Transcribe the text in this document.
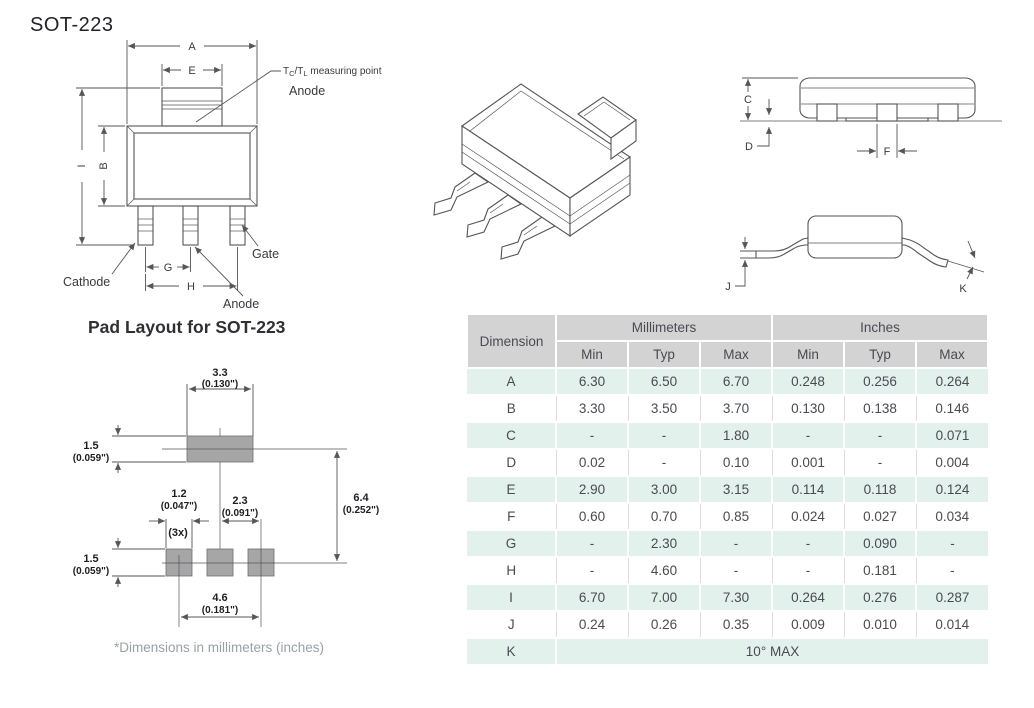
SOT-223
Pad Layout for SOT-223
*Dimensions in millimeters (inches)
A
E
I B
G
H
$T_C/T_L$ measuring point
Anode
Cathode
Gate
Anode
C
D	F
J	K
3.3
(0.130")
1.5
(0.059")
1.2
(0.047")
(3x)
2.3
(0.091")
6.4
(0.252")
1.5
(0.059")
4.6
(0.181")
Dimension	Millimeters			Inches		
	Min	Typ	Max	Min	Typ	Max
A	6.30	6.50	6.70	0.248	0.256	0.264
B	3.30	3.50	3.70	0.130	0.138	0.146
C	-	-	1.80	-	-	0.071
D	0.02	-	0.10	0.001	-	0.004
E	2.90	3.00	3.15	0.114	0.118	0.124
F	0.60	0.70	0.85	0.024	0.027	0.034
G	-	2.30	-	-	0.090	-
H	-	4.60	-	-	0.181	-
I	6.70	7.00	7.30	0.264	0.276	0.287
J	0.24	0.26	0.35	0.009	0.010	0.014
K	10° MAX					
